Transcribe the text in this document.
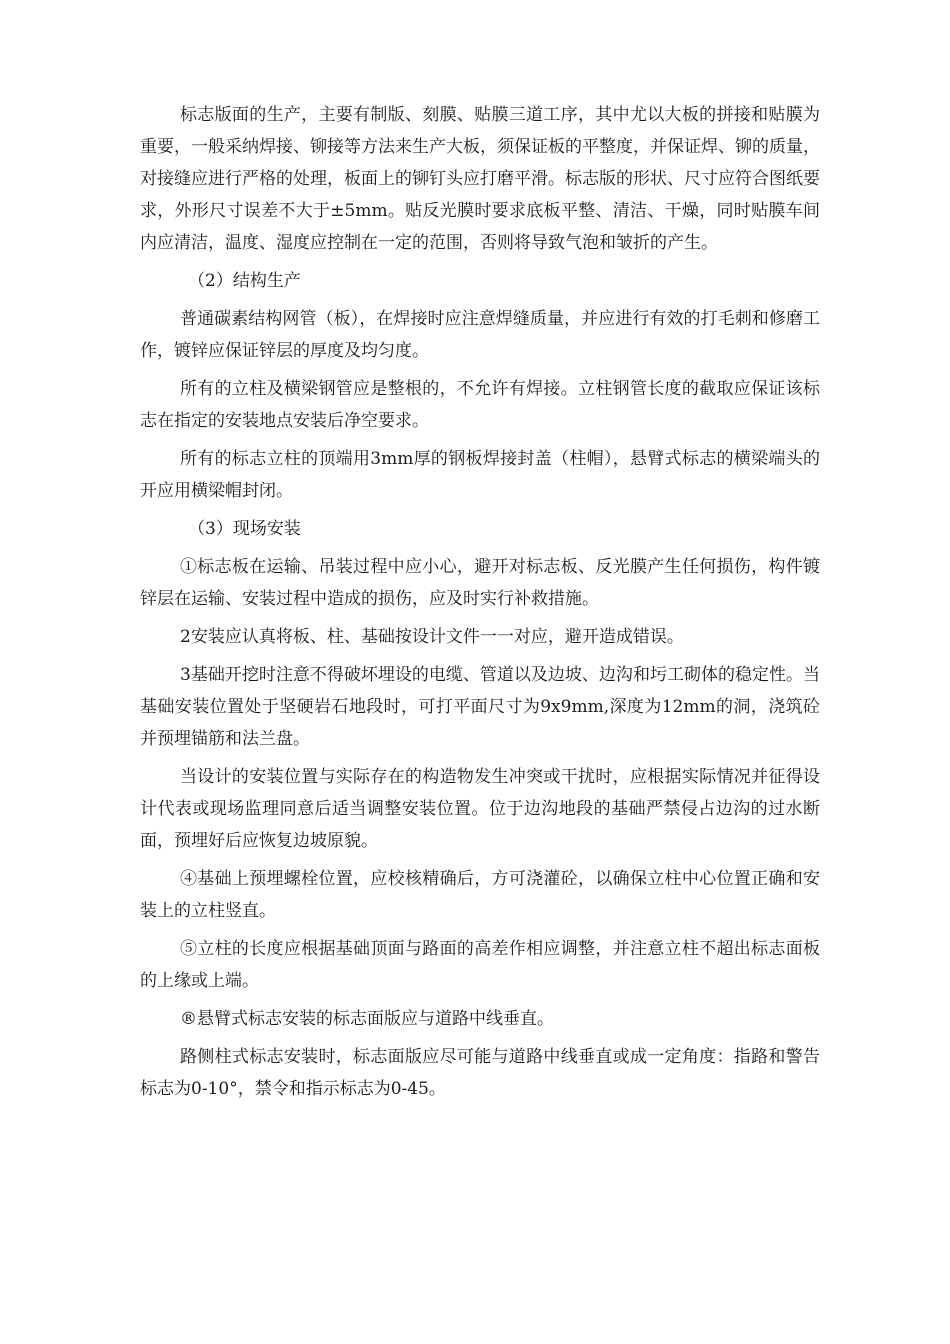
标志版面的生产，主要有制版、刻膜、贴膜三道工序，其中尤以大板的拼接和贴膜为重要，一般采纳焊接、铆接等方法来生产大板，须保证板的平整度，并保证焊、铆的质量，对接缝应进行严格的处理，板面上的铆钉头应打磨平滑。标志版的形状、尺寸应符合图纸要求，外形尺寸误差不大于±5mm。贴反光膜时要求底板平整、清洁、干燥，同时贴膜车间内应清洁，温度、湿度应控制在一定的范围，否则将导致气泡和皱折的产生。

（2）结构生产

普通碳素结构网管（板），在焊接时应注意焊缝质量，并应进行有效的打毛刺和修磨工作，镀锌应保证锌层的厚度及均匀度。

所有的立柱及横梁钢管应是整根的，不允许有焊接。立柱钢管长度的截取应保证该标志在指定的安装地点安装后净空要求。

所有的标志立柱的顶端用3mm厚的钢板焊接封盖（柱帽），悬臂式标志的横梁端头的开应用横梁帽封闭。

（3）现场安装

①标志板在运输、吊装过程中应小心，避开对标志板、反光膜产生任何损伤，构件镀锌层在运输、安装过程中造成的损伤，应及时实行补救措施。

2安装应认真将板、柱、基础按设计文件一一对应，避开造成错误。

3基础开挖时注意不得破坏埋设的电缆、管道以及边坡、边沟和圬工砌体的稳定性。当基础安装位置处于坚硬岩石地段时，可打平面尺寸为9x9mm,深度为12mm的洞，浇筑砼并预埋锚筋和法兰盘。

当设计的安装位置与实际存在的构造物发生冲突或干扰时，应根据实际情况并征得设计代表或现场监理同意后适当调整安装位置。位于边沟地段的基础严禁侵占边沟的过水断面，预埋好后应恢复边坡原貌。

④基础上预埋螺栓位置，应校核精确后，方可浇灌砼，以确保立柱中心位置正确和安装上的立柱竖直。

⑤立柱的长度应根据基础顶面与路面的高差作相应调整，并注意立柱不超出标志面板的上缘或上端。

®悬臂式标志安装的标志面版应与道路中线垂直。

路侧柱式标志安装时，标志面版应尽可能与道路中线垂直或成一定角度：指路和警告标志为0-10°，禁令和指示标志为0-45。
